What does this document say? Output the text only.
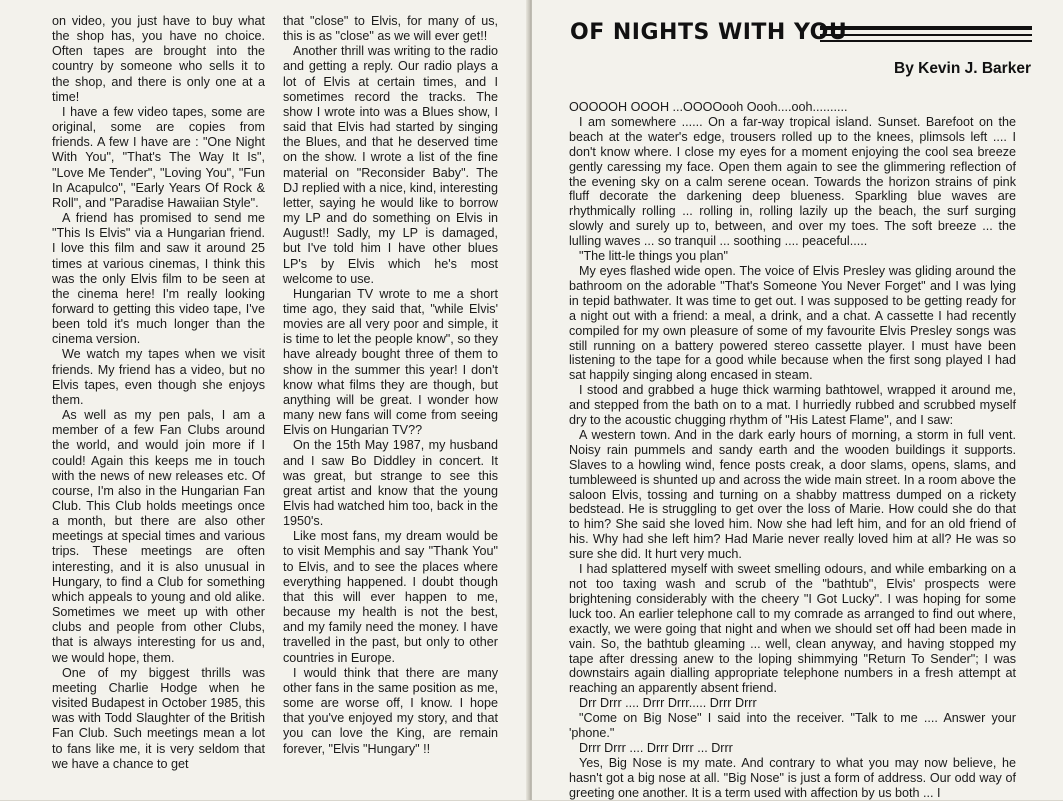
on video, you just have to buy what the shop has, you have no choice. Often tapes are brought into the country by someone who sells it to the shop, and there is only one at a time!

I have a few video tapes, some are original, some are copies from friends. A few I have are : "One Night With You", "That's The Way It Is", "Love Me Tender", "Loving You", "Fun In Acapulco", "Early Years Of Rock & Roll", and "Paradise Hawaiian Style".

A friend has promised to send me "This Is Elvis" via a Hungarian friend. I love this film and saw it around 25 times at various cinemas, I think this was the only Elvis film to be seen at the cinema here! I'm really looking forward to getting this video tape, I've been told it's much longer than the cinema version.

We watch my tapes when we visit friends. My friend has a video, but no Elvis tapes, even though she enjoys them.

As well as my pen pals, I am a member of a few Fan Clubs around the world, and would join more if I could! Again this keeps me in touch with the news of new releases etc. Of course, I'm also in the Hungarian Fan Club. This Club holds meetings once a month, but there are also other meetings at special times and various trips. These meetings are often interesting, and it is also unusual in Hungary, to find a Club for something which appeals to young and old alike. Sometimes we meet up with other clubs and people from other Clubs, that is always interesting for us and, we would hope, them.

One of my biggest thrills was meeting Charlie Hodge when he visited Budapest in October 1985, this was with Todd Slaughter of the British Fan Club. Such meetings mean a lot to fans like me, it is very seldom that we have a chance to get

that "close" to Elvis, for many of us, this is as "close" as we will ever get!!

Another thrill was writing to the radio and getting a reply. Our radio plays a lot of Elvis at certain times, and I sometimes record the tracks. The show I wrote into was a Blues show, I said that Elvis had started by singing the Blues, and that he deserved time on the show. I wrote a list of the fine material on "Reconsider Baby". The DJ replied with a nice, kind, interesting letter, saying he would like to borrow my LP and do something on Elvis in August!! Sadly, my LP is damaged, but I've told him I have other blues LP's by Elvis which he's most welcome to use.

Hungarian TV wrote to me a short time ago, they said that, "while Elvis' movies are all very poor and simple, it is time to let the people know", so they have already bought three of them to show in the summer this year! I don't know what films they are though, but anything will be great. I wonder how many new fans will come from seeing Elvis on Hungarian TV??

On the 15th May 1987, my husband and I saw Bo Diddley in concert. It was great, but strange to see this great artist and know that the young Elvis had watched him too, back in the 1950's.

Like most fans, my dream would be to visit Memphis and say "Thank You" to Elvis, and to see the places where everything happened. I doubt though that this will ever happen to me, because my health is not the best, and my family need the money. I have travelled in the past, but only to other countries in Europe.

I would think that there are many other fans in the same position as me, some are worse off, I know. I hope that you've enjoyed my story, and that you can love the King, are remain forever, "Elvis "Hungary" !!

OF NIGHTS WITH YOU
By Kevin J. Barker

OOOOOH OOOH ...OOOOooh Oooh....ooh..........

I am somewhere ...... On a far-way tropical island. Sunset. Barefoot on the beach at the water's edge, trousers rolled up to the knees, plimsols left .... I don't know where. I close my eyes for a moment enjoying the cool sea breeze gently caressing my face. Open them again to see the glimmering reflection of the evening sky on a calm serene ocean. Towards the horizon strains of pink fluff decorate the darkening deep blueness. Sparkling blue waves are rhythmically rolling ... rolling in, rolling lazily up the beach, the surf surging slowly and surely up to, between, and over my toes. The soft breeze ... the lulling waves ... so tranquil ... soothing .... peaceful.....

"The litt-le things you plan"

My eyes flashed wide open. The voice of Elvis Presley was gliding around the bathroom on the adorable "That's Someone You Never Forget" and I was lying in tepid bathwater. It was time to get out. I was supposed to be getting ready for a night out with a friend: a meal, a drink, and a chat. A cassette I had recently compiled for my own pleasure of some of my favourite Elvis Presley songs was still running on a battery powered stereo cassette player. I must have been listening to the tape for a good while because when the first song played I had sat happily singing along encased in steam.

I stood and grabbed a huge thick warming bathtowel, wrapped it around me, and stepped from the bath on to a mat. I hurriedly rubbed and scrubbed myself dry to the acoustic chugging rhythm of "His Latest Flame", and I saw:

A western town. And in the dark early hours of morning, a storm in full vent. Noisy rain pummels and sandy earth and the wooden buildings it supports. Slaves to a howling wind, fence posts creak, a door slams, opens, slams, and tumbleweed is shunted up and across the wide main street. In a room above the saloon Elvis, tossing and turning on a shabby mattress dumped on a rickety bedstead. He is struggling to get over the loss of Marie. How could she do that to him? She said she loved him. Now she had left him, and for an old friend of his. Why had she left him? Had Marie never really loved him at all? He was so sure she did. It hurt very much.

I had splattered myself with sweet smelling odours, and while embarking on a not too taxing wash and scrub of the "bathtub", Elvis' prospects were brightening considerably with the cheery "I Got Lucky". I was hoping for some luck too. An earlier telephone call to my comrade as arranged to find out where, exactly, we were going that night and when we should set off had been made in vain. So, the bathtub gleaming ... well, clean anyway, and having stopped my tape after dressing anew to the loping shimmying "Return To Sender"; I was downstairs again dialling appropriate telephone numbers in a fresh attempt at reaching an apparently absent friend.

Drr Drrr .... Drrr Drrr..... Drrr Drrr

"Come on Big Nose" I said into the receiver. "Talk to me .... Answer your 'phone."

Drrr Drrr .... Drrr Drrr ... Drrr

Yes, Big Nose is my mate. And contrary to what you may now believe, he hasn't got a big nose at all. "Big Nose" is just a form of address. Our odd way of greeting one another. It is a term used with affection by us both ... I
